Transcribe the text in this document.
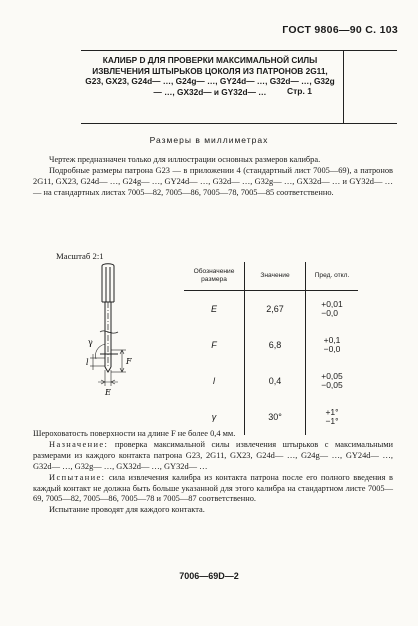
ГОСТ 9806—90 С. 103
КАЛИБР D ДЛЯ ПРОВЕРКИ МАКСИМАЛЬНОЙ СИЛЫ ИЗВЛЕЧЕНИЯ ШТЫРЬКОВ ЦОКОЛЯ ИЗ ПАТРОНОВ 2G11, G23, GX23, G24d— …, G24g— …, GY24d— …, G32d— …, G32g— …, GX32d— и GY32d— …	Стр. 1
Размеры в миллиметрах
Чертеж предназначен только для иллюстрации основных размеров калибра.
Подробные размеры патрона G23 — в приложении 4 (стандартный лист 7005—69), а патронов 2G11, GX23, G24d— …, G24g— …, GY24d— …, G32d— …, G32g— …, GX32d— … и GY32d— … — на стандартных листах 7005—82, 7005—86, 7005—78, 7005—85 соответственно.
Масштаб 2:1
γ
l	F
E
Обозначение размера	Значение	Пред. откл.
E	2,67	+0,01
−0,0
F	6,8	+0,1
−0,0
l	0,4	+0,05
−0,05
γ	30°	+1°
−1°
Шероховатость поверхности на длине F не более 0,4 мм.
Назначение: проверка максимальной силы извлечения штырьков с максимальными размерами из каждого контакта патрона G23, 2G11, GX23, G24d— …, G24g— …, GY24d— …, G32d— …, G32g— …, GX32d— …, GY32d— …
Испытание: сила извлечения калибра из контакта патрона после его полного введения в каждый контакт не должна быть больше указанной для этого калибра на стандартном листе 7005—69, 7005—82, 7005—86, 7005—78 и 7005—87 соответственно.
Испытание проводят для каждого контакта.
7006—69D—2
